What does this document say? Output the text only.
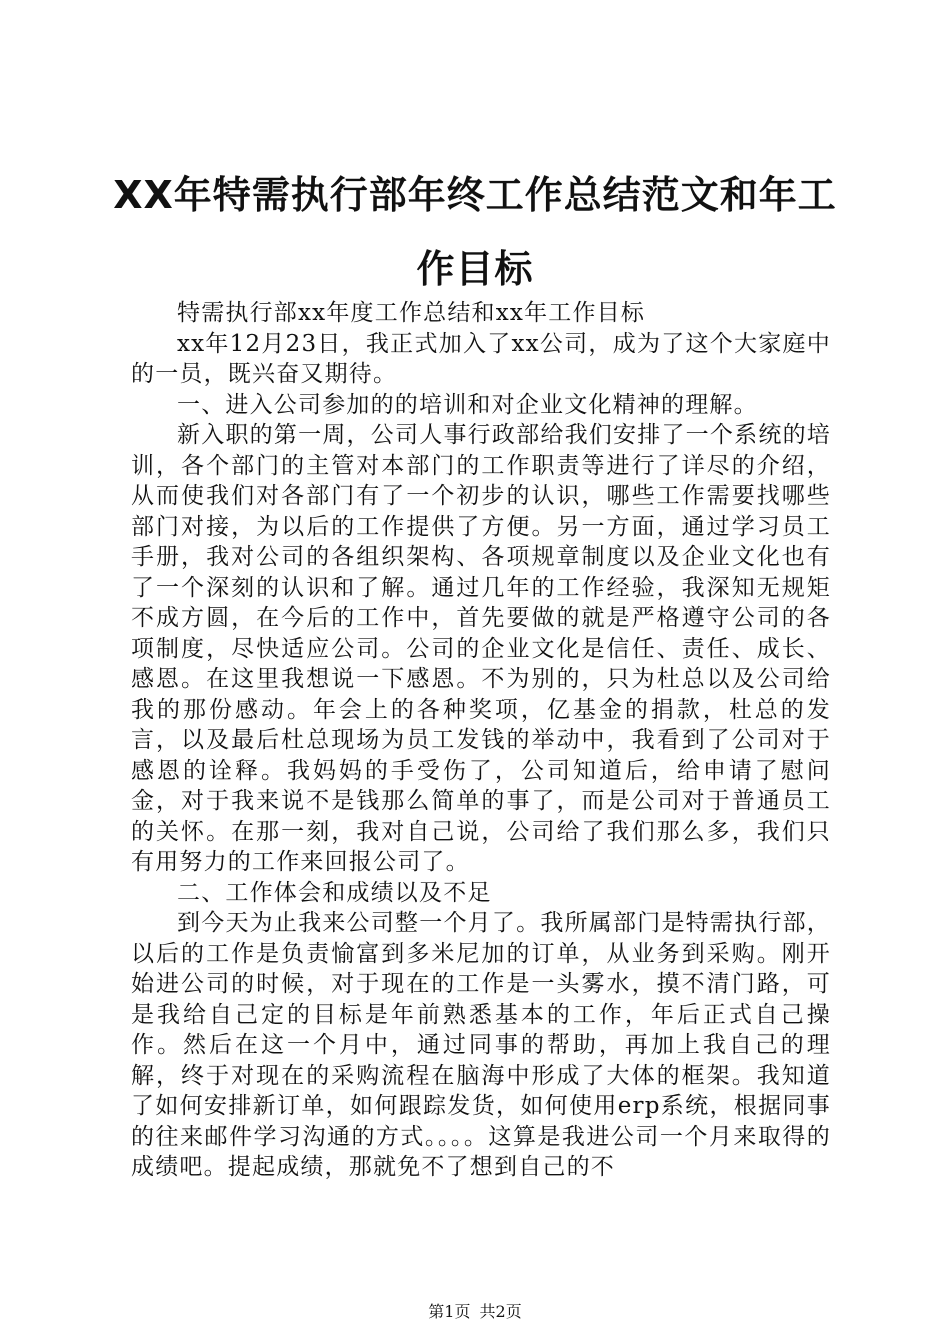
XX年特需执行部年终工作总结范文和年工作目标

特需执行部xx年度工作总结和xx年工作目标

xx年12月23日，我正式加入了xx公司，成为了这个大家庭中的一员，既兴奋又期待。

一、进入公司参加的的培训和对企业文化精神的理解。

新入职的第一周，公司人事行政部给我们安排了一个系统的培训，各个部门的主管对本部门的工作职责等进行了详尽的介绍，从而使我们对各部门有了一个初步的认识，哪些工作需要找哪些部门对接，为以后的工作提供了方便。另一方面，通过学习员工手册，我对公司的各组织架构、各项规章制度以及企业文化也有了一个深刻的认识和了解。通过几年的工作经验，我深知无规矩不成方圆，在今后的工作中，首先要做的就是严格遵守公司的各项制度，尽快适应公司。公司的企业文化是信任、责任、成长、感恩。在这里我想说一下感恩。不为别的，只为杜总以及公司给我的那份感动。年会上的各种奖项，亿基金的捐款，杜总的发言，以及最后杜总现场为员工发钱的举动中，我看到了公司对于感恩的诠释。我妈妈的手受伤了，公司知道后，给申请了慰问金，对于我来说不是钱那么简单的事了，而是公司对于普通员工的关怀。在那一刻，我对自己说，公司给了我们那么多，我们只有用努力的工作来回报公司了。

二、工作体会和成绩以及不足

到今天为止我来公司整一个月了。我所属部门是特需执行部，以后的工作是负责愉富到多米尼加的订单，从业务到采购。刚开始进公司的时候，对于现在的工作是一头雾水，摸不清门路，可是我给自己定的目标是年前熟悉基本的工作，年后正式自己操作。然后在这一个月中，通过同事的帮助，再加上我自己的理解，终于对现在的采购流程在脑海中形成了大体的框架。我知道了如何安排新订单，如何跟踪发货，如何使用erp系统，根据同事的往来邮件学习沟通的方式。。。。这算是我进公司一个月来取得的成绩吧。提起成绩，那就免不了想到自己的不

第1页 共2页
